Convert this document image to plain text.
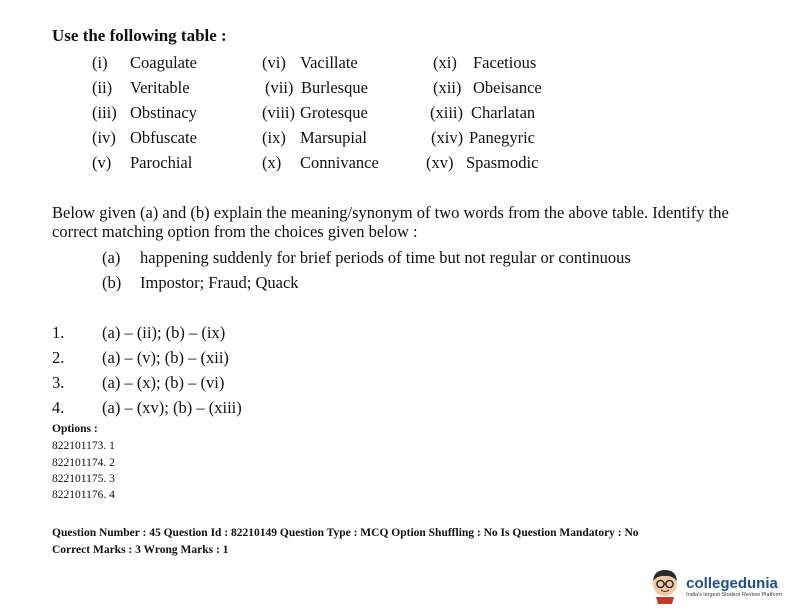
Use the following table :
(i) Coagulate
(ii) Veritable
(iii) Obstinacy
(iv) Obfuscate
(v) Parochial
(vi) Vacillate
(vii) Burlesque
(viii) Grotesque
(ix) Marsupial
(x) Connivance
(xi) Facetious
(xii) Obeisance
(xiii) Charlatan
(xiv) Panegyric
(xv) Spasmodic
Below given (a) and (b) explain the meaning/synonym of two words from the above table. Identify the correct matching option from the choices given below :
(a) happening suddenly for brief periods of time but not regular or continuous
(b) Impostor; Fraud; Quack
1. (a) – (ii); (b) – (ix)
2. (a) – (v); (b) – (xii)
3. (a) – (x); (b) – (vi)
4. (a) – (xv); (b) – (xiii)
Options :
822101173. 1
822101174. 2
822101175. 3
822101176. 4
Question Number : 45 Question Id : 82210149 Question Type : MCQ Option Shuffling : No Is Question Mandatory : No
Correct Marks : 3 Wrong Marks : 1
collegedunia
India's largest Student Review Platform
